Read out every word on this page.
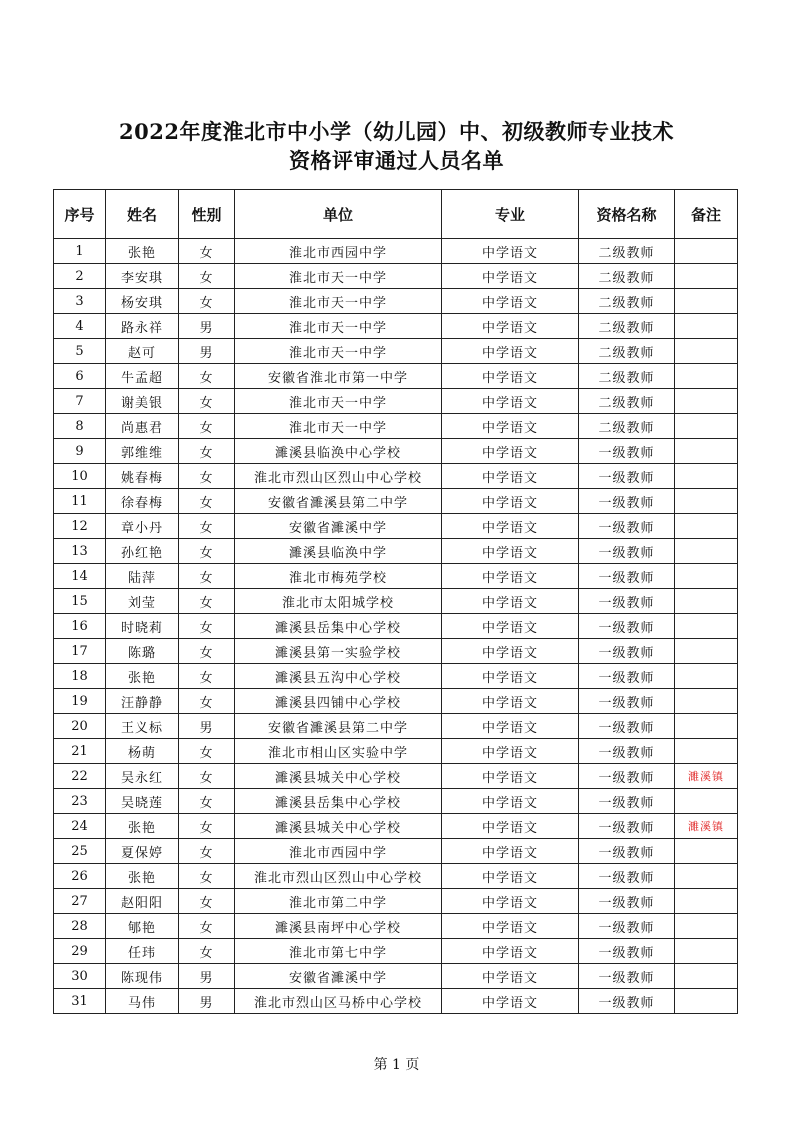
2022年度淮北市中小学（幼儿园）中、初级教师专业技术
资格评审通过人员名单
序号	姓名	性别	单位	专业	资格名称	备注
1	张艳	女	淮北市西园中学	中学语文	二级教师	
2	李安琪	女	淮北市天一中学	中学语文	二级教师	
3	杨安琪	女	淮北市天一中学	中学语文	二级教师	
4	路永祥	男	淮北市天一中学	中学语文	二级教师	
5	赵可	男	淮北市天一中学	中学语文	二级教师	
6	牛孟超	女	安徽省淮北市第一中学	中学语文	二级教师	
7	谢美银	女	淮北市天一中学	中学语文	二级教师	
8	尚惠君	女	淮北市天一中学	中学语文	二级教师	
9	郭维维	女	濉溪县临涣中心学校	中学语文	一级教师	
10	姚春梅	女	淮北市烈山区烈山中心学校	中学语文	一级教师	
11	徐春梅	女	安徽省濉溪县第二中学	中学语文	一级教师	
12	章小丹	女	安徽省濉溪中学	中学语文	一级教师	
13	孙红艳	女	濉溪县临涣中学	中学语文	一级教师	
14	陆萍	女	淮北市梅苑学校	中学语文	一级教师	
15	刘莹	女	淮北市太阳城学校	中学语文	一级教师	
16	时晓莉	女	濉溪县岳集中心学校	中学语文	一级教师	
17	陈璐	女	濉溪县第一实验学校	中学语文	一级教师	
18	张艳	女	濉溪县五沟中心学校	中学语文	一级教师	
19	汪静静	女	濉溪县四铺中心学校	中学语文	一级教师	
20	王义标	男	安徽省濉溪县第二中学	中学语文	一级教师	
21	杨萌	女	淮北市相山区实验中学	中学语文	一级教师	
22	吴永红	女	濉溪县城关中心学校	中学语文	一级教师	濉溪镇
23	吴晓莲	女	濉溪县岳集中心学校	中学语文	一级教师	
24	张艳	女	濉溪县城关中心学校	中学语文	一级教师	濉溪镇
25	夏保婷	女	淮北市西园中学	中学语文	一级教师	
26	张艳	女	淮北市烈山区烈山中心学校	中学语文	一级教师	
27	赵阳阳	女	淮北市第二中学	中学语文	一级教师	
28	郇艳	女	濉溪县南坪中心学校	中学语文	一级教师	
29	任玮	女	淮北市第七中学	中学语文	一级教师	
30	陈现伟	男	安徽省濉溪中学	中学语文	一级教师	
31	马伟	男	淮北市烈山区马桥中心学校	中学语文	一级教师	
第 1 页
